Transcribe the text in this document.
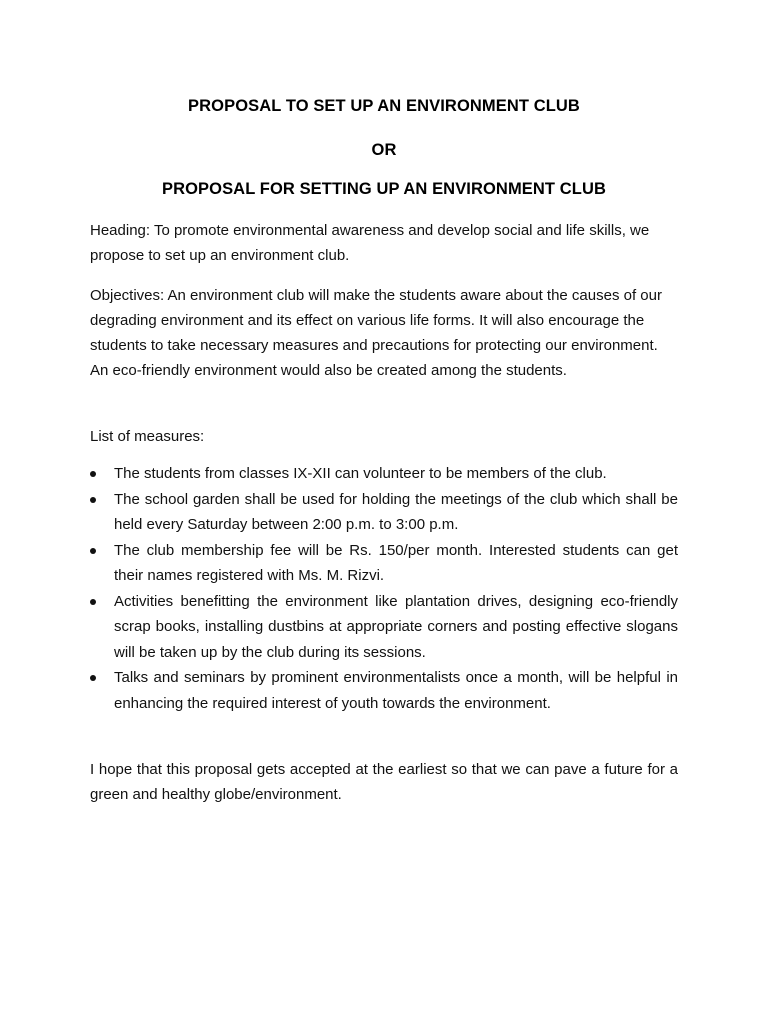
PROPOSAL TO SET UP AN ENVIRONMENT CLUB
OR
PROPOSAL FOR SETTING UP AN ENVIRONMENT CLUB
Heading: To promote environmental awareness and develop social and life skills, we propose to set up an environment club.
Objectives: An environment club will make the students aware about the causes of our degrading environment and its effect on various life forms. It will also encourage the students to take necessary measures and precautions for protecting our environment. An eco-friendly environment would also be created among the students.
List of measures:
The students from classes IX-XII can volunteer to be members of the club.
The school garden shall be used for holding the meetings of the club which shall be held every Saturday between 2:00 p.m. to 3:00 p.m.
The club membership fee will be Rs. 150/per month. Interested students can get their names registered with Ms. M. Rizvi.
Activities benefitting the environment like plantation drives, designing eco-friendly scrap books, installing dustbins at appropriate corners and posting effective slogans will be taken up by the club during its sessions.
Talks and seminars by prominent environmentalists once a month, will be helpful in enhancing the required interest of youth towards the environment.
I hope that this proposal gets accepted at the earliest so that we can pave a future for a green and healthy globe/environment.
